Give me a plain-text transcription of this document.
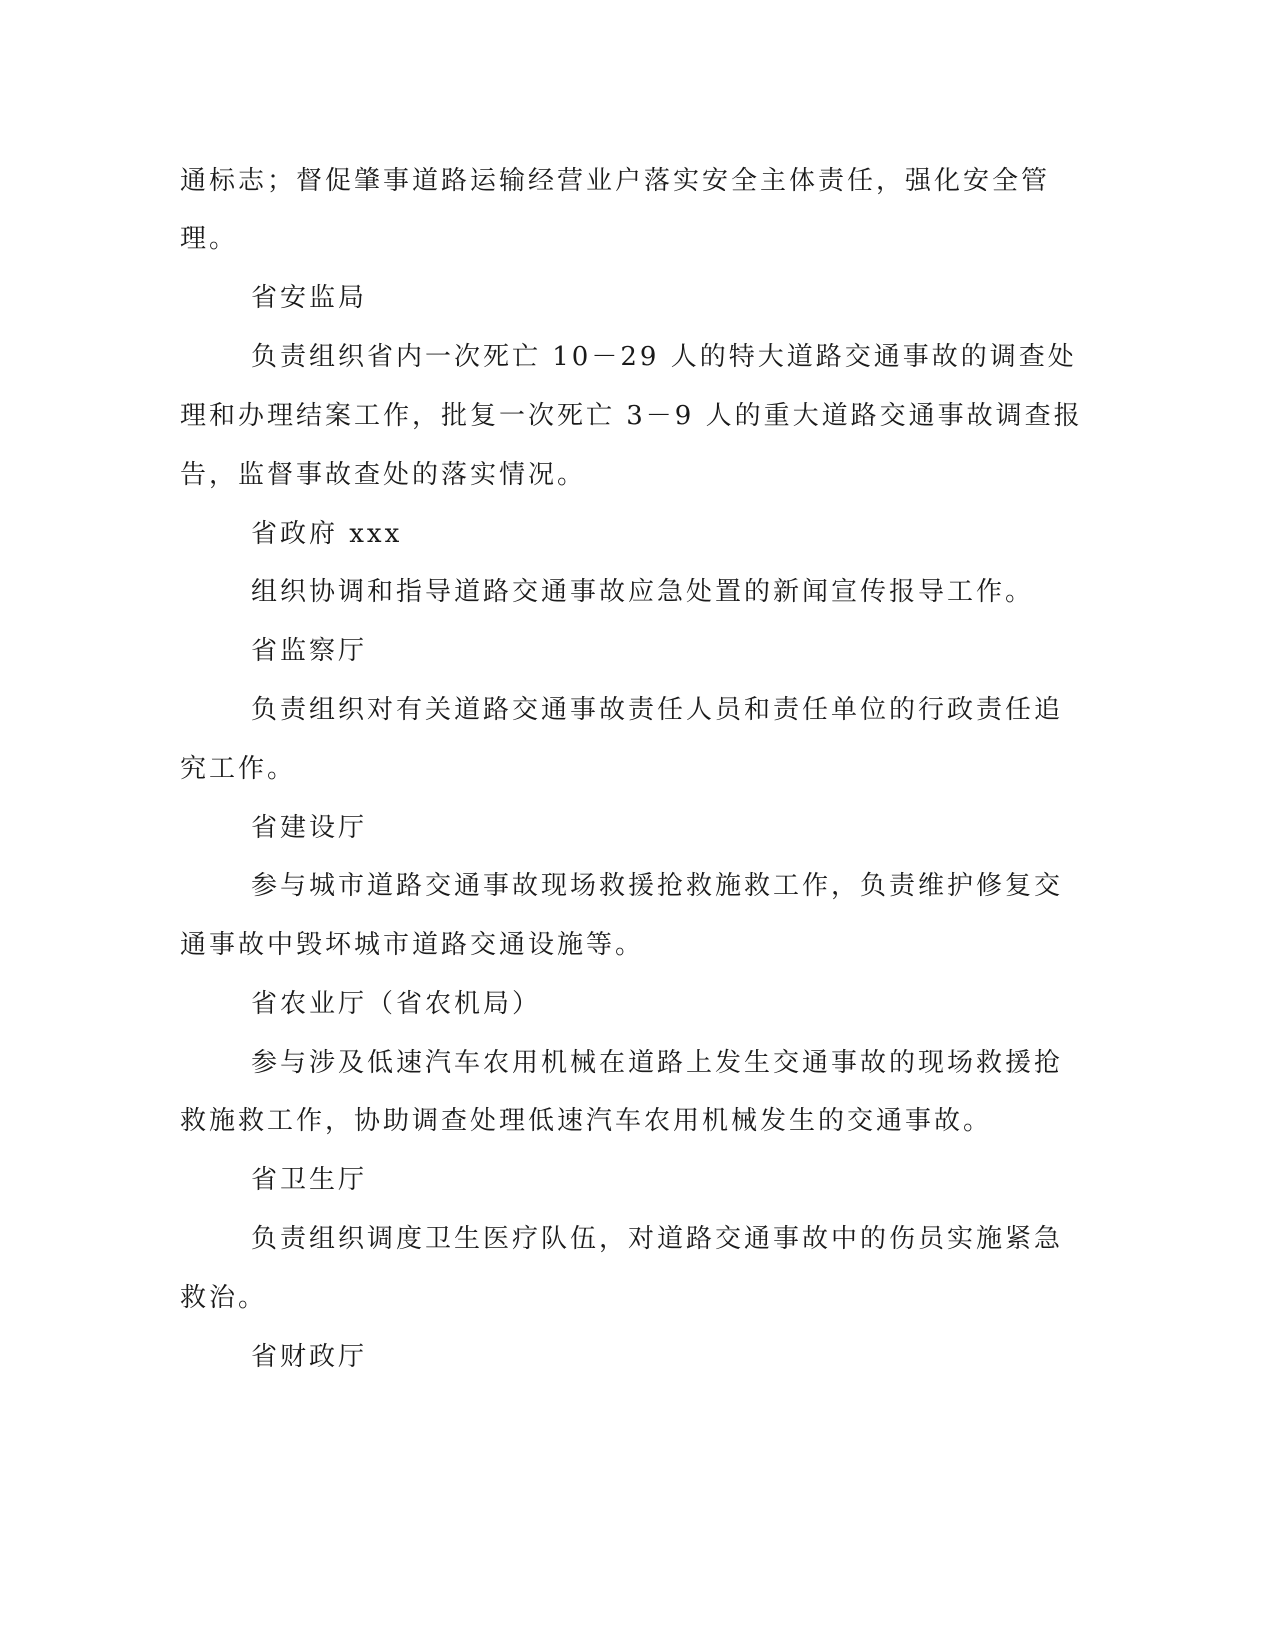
通标志；督促肇事道路运输经营业户落实安全主体责任，强化安全管
理。
省安监局
负责组织省内一次死亡 10－29 人的特大道路交通事故的调查处
理和办理结案工作，批复一次死亡 3－9 人的重大道路交通事故调查报
告，监督事故查处的落实情况。
省政府 xxx
组织协调和指导道路交通事故应急处置的新闻宣传报导工作。
省监察厅
负责组织对有关道路交通事故责任人员和责任单位的行政责任追
究工作。
省建设厅
参与城市道路交通事故现场救援抢救施救工作，负责维护修复交
通事故中毁坏城市道路交通设施等。
省农业厅（省农机局）
参与涉及低速汽车农用机械在道路上发生交通事故的现场救援抢
救施救工作，协助调查处理低速汽车农用机械发生的交通事故。
省卫生厅
负责组织调度卫生医疗队伍，对道路交通事故中的伤员实施紧急
救治。
省财政厅
